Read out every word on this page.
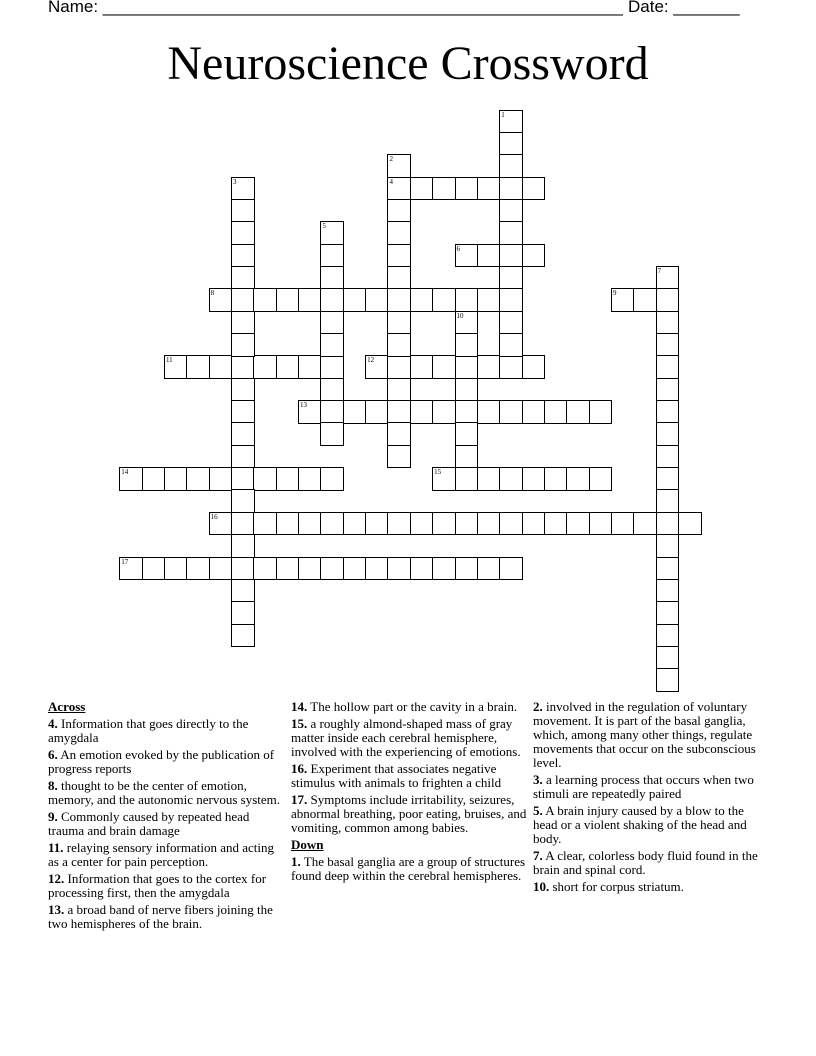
Name: _______________________________________________________ Date: _______
Neuroscience Crossword
4
6
8	9
11	12
13
14	15
16
17
1
2
3
5
7
10
Across
4. Information that goes directly to the amygdala
6. An emotion evoked by the publication of progress reports
8. thought to be the center of emotion, memory, and the autonomic nervous system.
9. Commonly caused by repeated head trauma and brain damage
11. relaying sensory information and acting as a center for pain perception.
12. Information that goes to the cortex for processing first, then the amygdala
13. a broad band of nerve fibers joining the two hemispheres of the brain.
14. The hollow part or the cavity in a brain.
15. a roughly almond-shaped mass of gray matter inside each cerebral hemisphere, involved with the experiencing of emotions.
16. Experiment that associates negative stimulus with animals to frighten a child
17. Symptoms include irritability, seizures, abnormal breathing, poor eating, bruises, and vomiting, common among babies.
Down
1. The basal ganglia are a group of structures found deep within the cerebral hemispheres.
2. involved in the regulation of voluntary movement. It is part of the basal ganglia, which, among many other things, regulate movements that occur on the subconscious level.
3. a learning process that occurs when two stimuli are repeatedly paired
5. A brain injury caused by a blow to the head or a violent shaking of the head and body.
7. A clear, colorless body fluid found in the brain and spinal cord.
10. short for corpus striatum.
